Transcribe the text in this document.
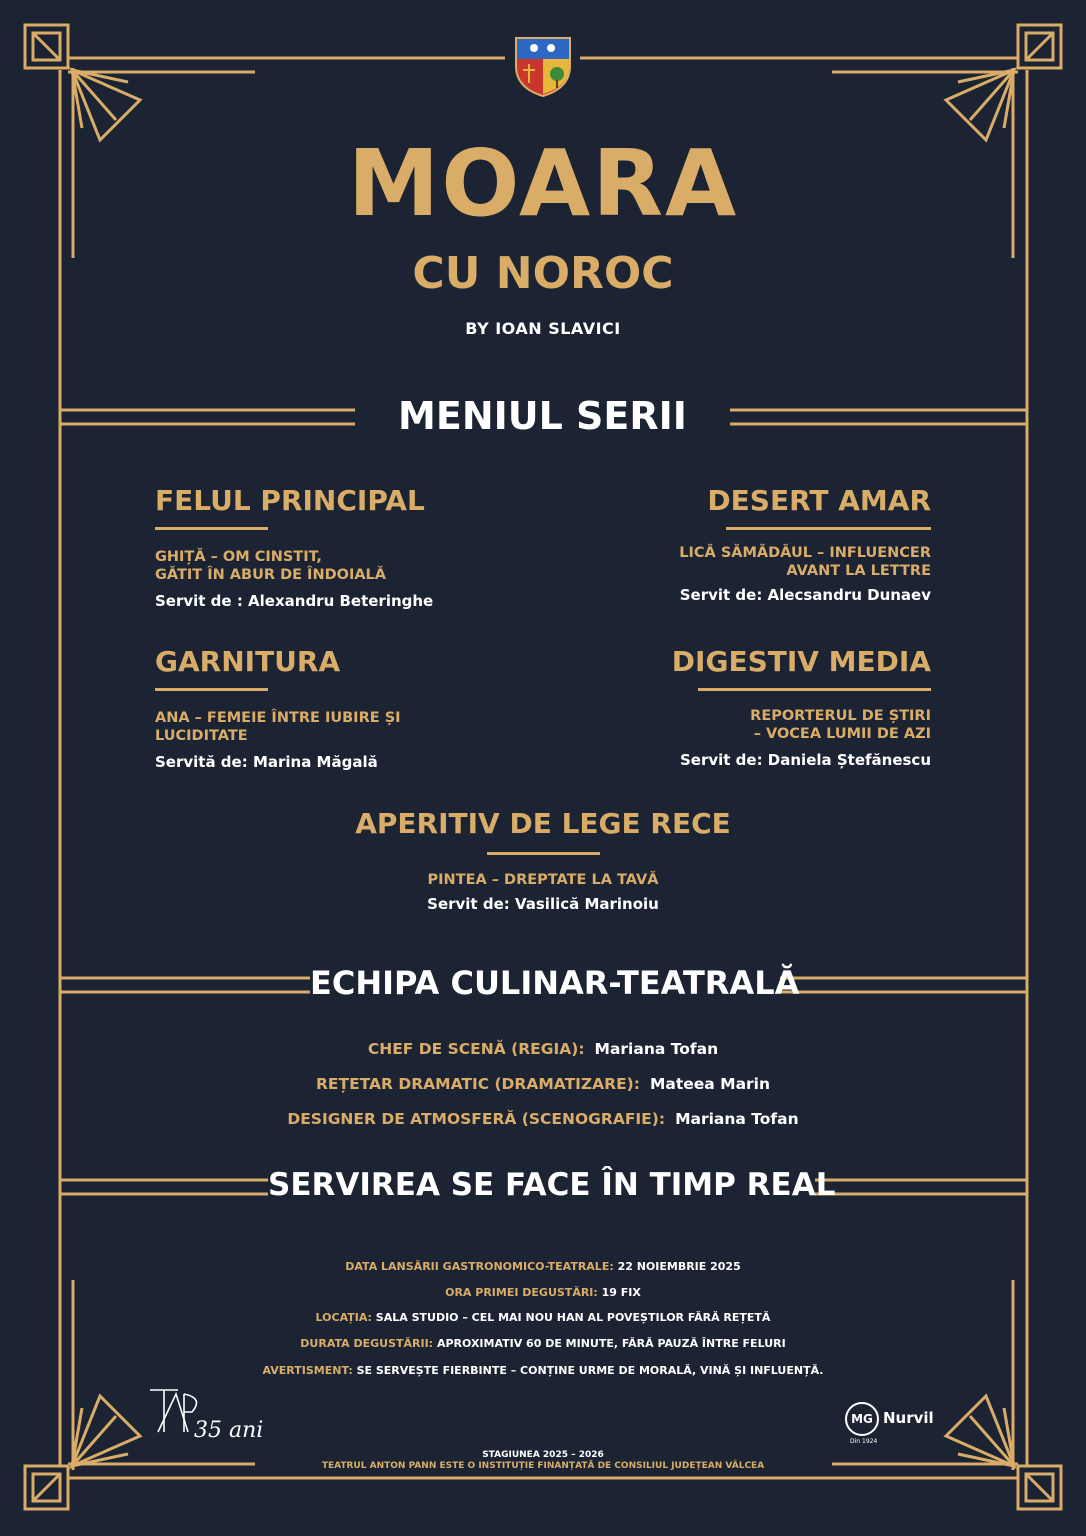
MOARA
CU NOROC
BY IOAN SLAVICI
MENIUL SERII
FELUL PRINCIPAL
GHIȚĂ – OM CINSTIT,
GĂTIT ÎN ABUR DE ÎNDOIALĂ
Servit de : Alexandru Beteringhe
DESERT AMAR
LICĂ SĂMĂDĂUL – INFLUENCER
AVANT LA LETTRE
Servit de: Alecsandru Dunaev
GARNITURA
ANA – FEMEIE ÎNTRE IUBIRE ȘI
LUCIDITATE
Servită de: Marina Măgală
DIGESTIV MEDIA
REPORTERUL DE ȘTIRI
– VOCEA LUMII DE AZI
Servit de: Daniela Ștefănescu
APERITIV DE LEGE RECE
PINTEA – DREPTATE LA TAVĂ
Servit de: Vasilică Marinoiu
ECHIPA CULINAR-TEATRALĂ
CHEF DE SCENĂ (REGIA): Mariana Tofan
REȚETAR DRAMATIC (DRAMATIZARE): Mateea Marin
DESIGNER DE ATMOSFERĂ (SCENOGRAFIE): Mariana Tofan
SERVIREA SE FACE ÎN TIMP REAL
DATA LANSĂRII GASTRONOMICO-TEATRALE: 22 NOIEMBRIE 2025
ORA PRIMEI DEGUSTĂRI: 19 FIX
LOCAȚIA: SALA STUDIO – CEL MAI NOU HAN AL POVEȘTILOR FĂRĂ REȚETĂ
DURATA DEGUSTĂRII: APROXIMATIV 60 DE MINUTE, FĂRĂ PAUZĂ ÎNTRE FELURI
AVERTISMENT: SE SERVEȘTE FIERBINTE – CONȚINE URME DE MORALĂ, VINĂ ȘI INFLUENȚĂ.
35 ani	MG Nurvil
Din 1924
STAGIUNEA 2025 – 2026
TEATRUL ANTON PANN ESTE O INSTITUȚIE FINANȚATĂ DE CONSILIUL JUDEȚEAN VÂLCEA
